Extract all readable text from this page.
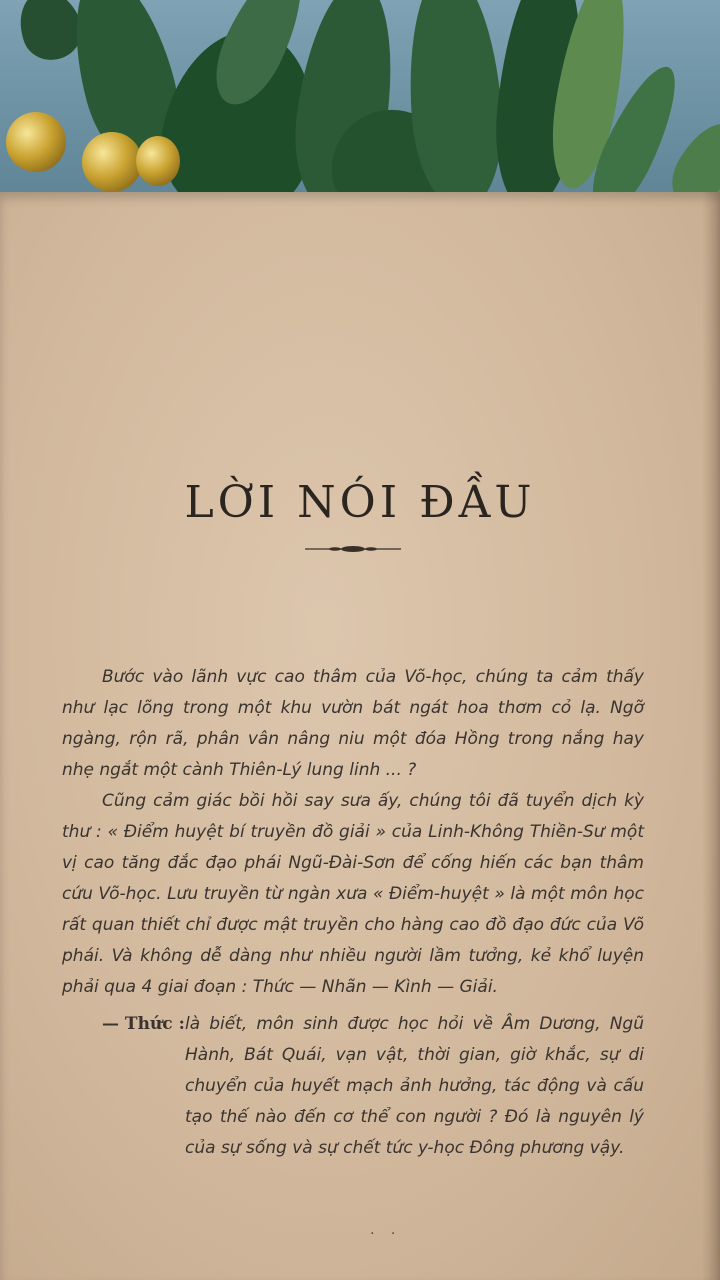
LỜI NÓI ĐẦU

Bước vào lãnh vực cao thâm của Võ-học, chúng ta cảm thấy như lạc lõng trong một khu vườn bát ngát hoa thơm cỏ lạ. Ngỡ ngàng, rộn rã, phân vân nâng niu một đóa Hồng trong nắng hay nhẹ ngắt một cành Thiên-Lý lung linh ... ?

Cũng cảm giác bồi hồi say sưa ấy, chúng tôi đã tuyển dịch kỳ thư : « Điểm huyệt bí truyền đồ giải » của Linh-Không Thiền-Sư một vị cao tăng đắc đạo phái Ngũ-Đài-Sơn để cống hiến các bạn thâm cứu Võ-học. Lưu truyền từ ngàn xưa « Điểm-huyệt » là một môn học rất quan thiết chỉ được mật truyền cho hàng cao đồ đạo đức của Võ phái. Và không dễ dàng như nhiều người lầm tưởng, kẻ khổ luyện phải qua 4 giai đoạn : Thức — Nhãn — Kình — Giải.

— Thức : là biết, môn sinh được học hỏi về Âm Dương, Ngũ Hành, Bát Quái, vạn vật, thời gian, giờ khắc, sự di chuyển của huyết mạch ảnh hưởng, tác động và cấu tạo thế nào đến cơ thể con người ? Đó là nguyên lý của sự sống và sự chết tức y-học Đông phương vậy.
. .
